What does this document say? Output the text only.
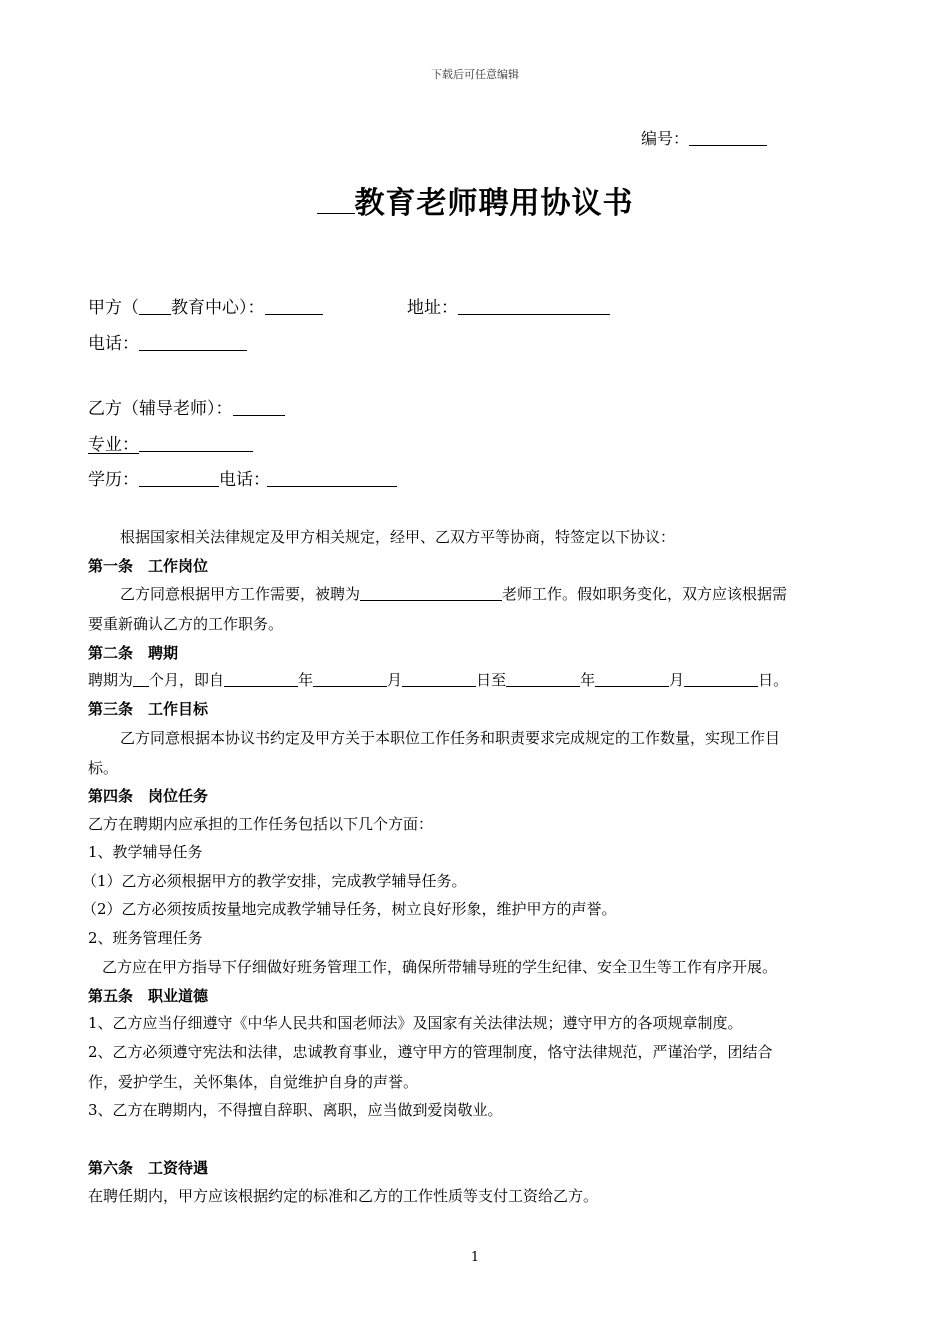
下载后可任意编辑
编号：
教育老师聘用协议书
甲方（ 教育中心）：	地址：
电话：
乙方（辅导老师）：
专业：
学历：	电话：
根据国家相关法律规定及甲方相关规定，经甲、乙双方平等协商，特签定以下协议：
第一条　工作岗位
乙方同意根据甲方工作需要，被聘为	老师工作。假如职务变化，双方应该根据需
要重新确认乙方的工作职务。
第二条　聘期
聘期为 个月，即自	年	月	日至	年	月	日。
第三条　工作目标
乙方同意根据本协议书约定及甲方关于本职位工作任务和职责要求完成规定的工作数量，实现工作目
标。
第四条　岗位任务
乙方在聘期内应承担的工作任务包括以下几个方面：
1、教学辅导任务
（1）乙方必须根据甲方的教学安排，完成教学辅导任务。
（2）乙方必须按质按量地完成教学辅导任务，树立良好形象，维护甲方的声誉。
2、班务管理任务
乙方应在甲方指导下仔细做好班务管理工作，确保所带辅导班的学生纪律、安全卫生等工作有序开展。
第五条　职业道德
1、乙方应当仔细遵守《中华人民共和国老师法》及国家有关法律法规；遵守甲方的各项规章制度。
2、乙方必须遵守宪法和法律，忠诚教育事业，遵守甲方的管理制度，恪守法律规范，严谨治学，团结合
作，爱护学生，关怀集体，自觉维护自身的声誉。
3、乙方在聘期内，不得擅自辞职、离职，应当做到爱岗敬业。
第六条　工资待遇
在聘任期内，甲方应该根据约定的标准和乙方的工作性质等支付工资给乙方。
1
